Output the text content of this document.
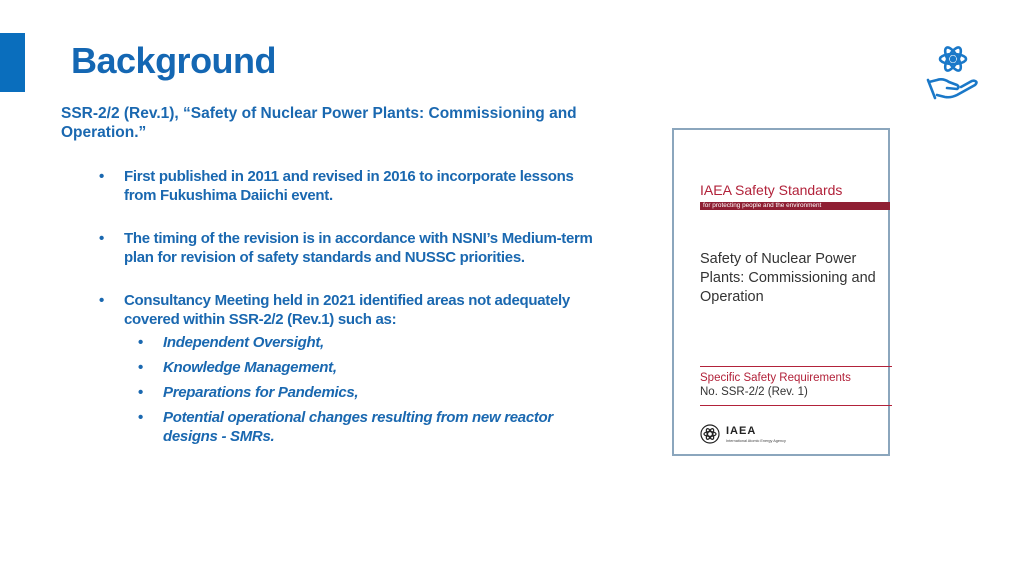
Background
SSR-2/2 (Rev.1), “Safety of Nuclear Power Plants: Commissioning and Operation.”
• First published in 2011 and revised in 2016 to incorporate lessons from Fukushima Daiichi event.
• The timing of the revision is in accordance with NSNI’s Medium-term plan for revision of safety standards and NUSSC priorities.
• Consultancy Meeting held in 2021 identified areas not adequately covered within SSR-2/2 (Rev.1) such as:
• Independent Oversight,
• Knowledge Management,
• Preparations for Pandemics,
• Potential operational changes resulting from new reactor designs - SMRs.
IAEA Safety Standards
for protecting people and the environment
Safety of Nuclear Power Plants: Commissioning and Operation
Specific Safety Requirements
No. SSR-2/2 (Rev. 1)
IAEA
International Atomic Energy Agency
